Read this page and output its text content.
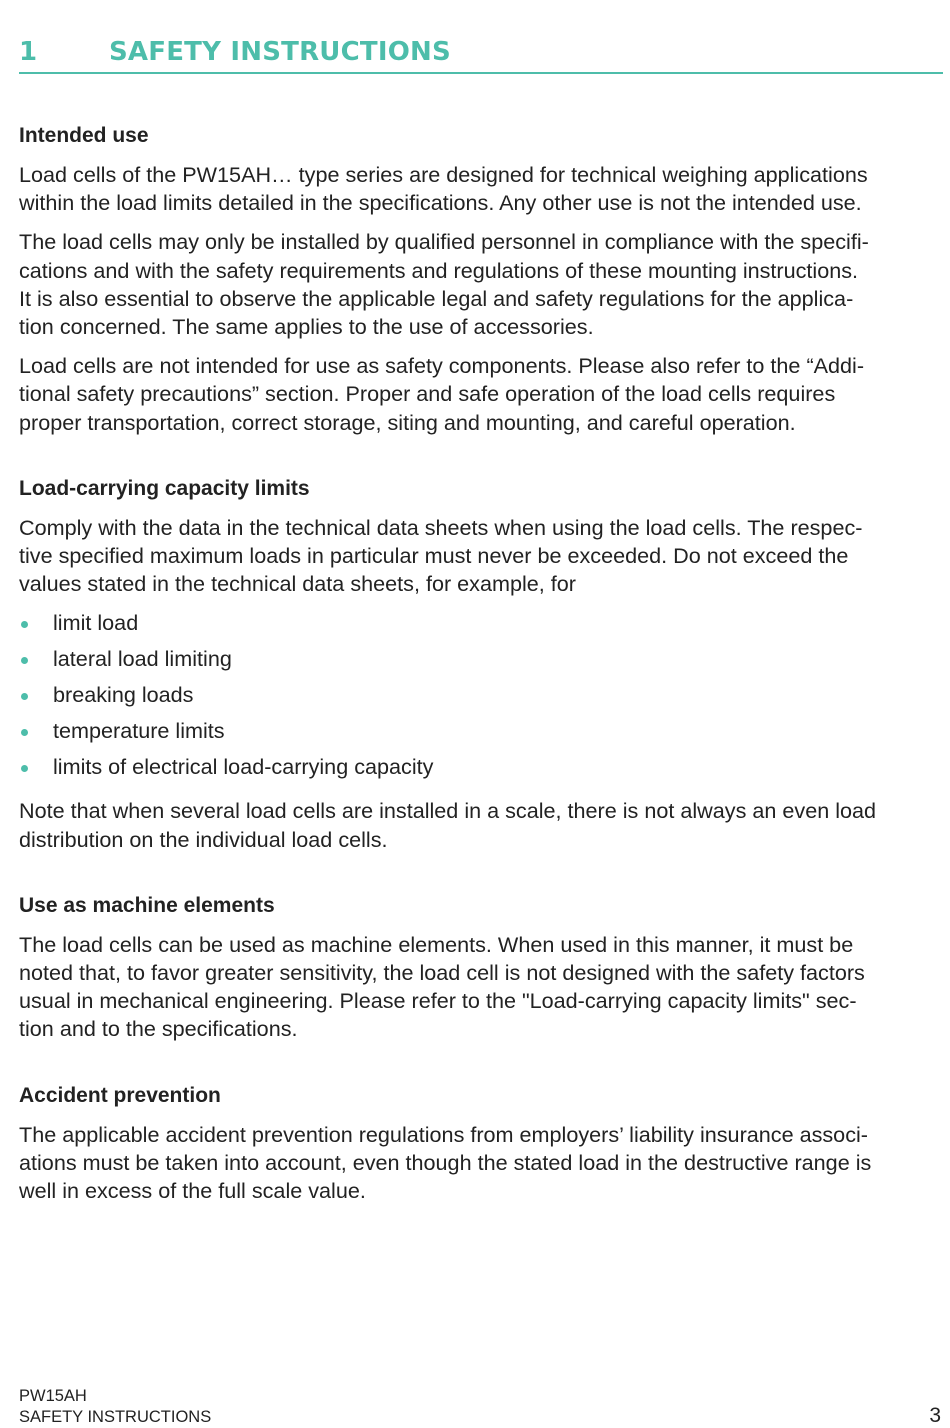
1	SAFETY INSTRUCTIONS
Intended use

Load cells of the PW15AH… type series are designed for technical weighing applications
within the load limits detailed in the specifications. Any other use is not the intended use.

The load cells may only be installed by qualified personnel in compliance with the specifi-
cations and with the safety requirements and regulations of these mounting instructions.
It is also essential to observe the applicable legal and safety regulations for the applica-
tion concerned. The same applies to the use of accessories.

Load cells are not intended for use as safety components. Please also refer to the “Addi-
tional safety precautions” section. Proper and safe operation of the load cells requires
proper transportation, correct storage, siting and mounting, and careful operation.

Load-carrying capacity limits

Comply with the data in the technical data sheets when using the load cells. The respec-
tive specified maximum loads in particular must never be exceeded. Do not exceed the
values stated in the technical data sheets, for example, for

limit load
lateral load limiting
breaking loads
temperature limits
limits of electrical load-carrying capacity

Note that when several load cells are installed in a scale, there is not always an even load
distribution on the individual load cells.

Use as machine elements

The load cells can be used as machine elements. When used in this manner, it must be
noted that, to favor greater sensitivity, the load cell is not designed with the safety factors
usual in mechanical engineering. Please refer to the "Load-carrying capacity limits" sec-
tion and to the specifications.

Accident prevention

The applicable accident prevention regulations from employers’ liability insurance associ-
ations must be taken into account, even though the stated load in the destructive range is
well in excess of the full scale value.

PW15AH
SAFETY INSTRUCTIONS	3
